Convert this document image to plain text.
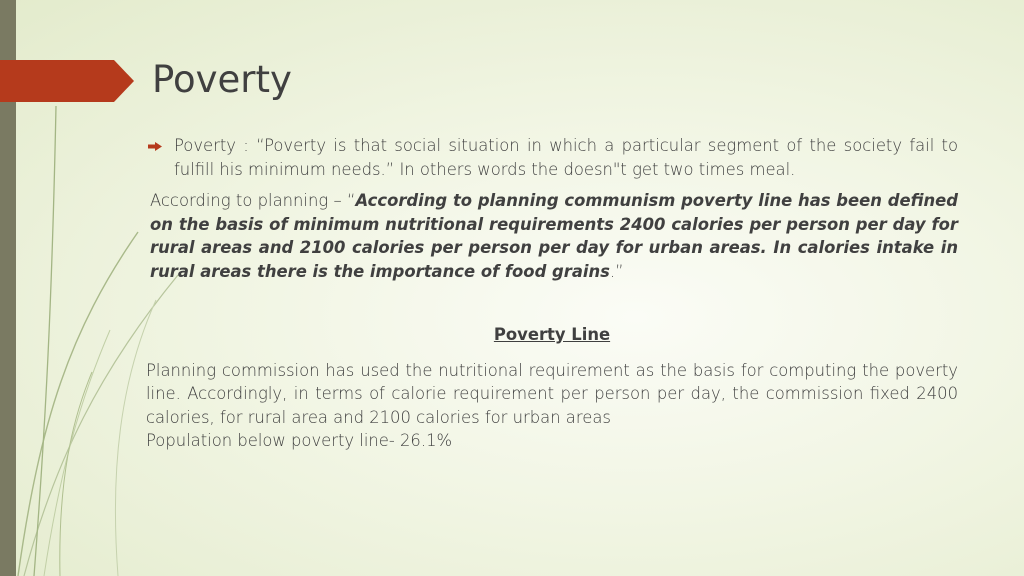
Poverty

Poverty : “Poverty is that social situation in which a particular segment of the society fail to fulfill his minimum needs.” In others words the doesn"t get two times meal.

According to planning – “According to planning communism poverty line has been defined on the basis of minimum nutritional requirements 2400 calories per person per day for rural areas and 2100 calories per person per day for urban areas. In calories intake in rural areas there is the importance of food grains.”

Poverty Line

Planning commission has used the nutritional requirement as the basis for computing the poverty line. Accordingly, in terms of calorie requirement per person per day, the commission fixed 2400 calories, for rural area and 2100 calories for urban areas

Population below poverty line- 26.1%
